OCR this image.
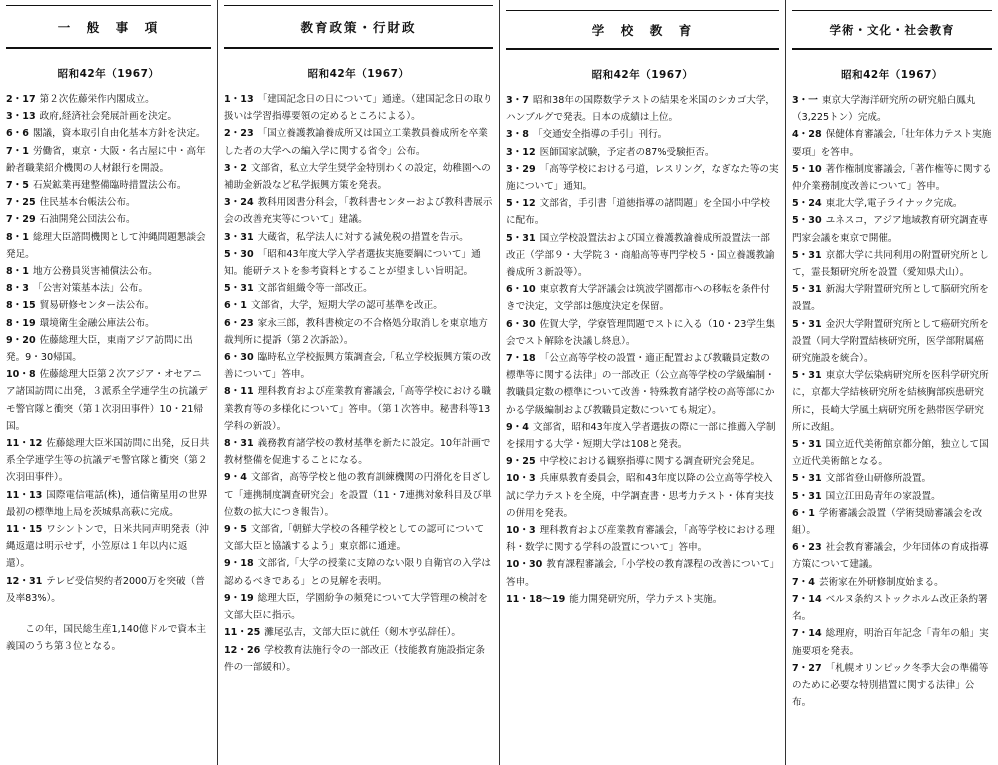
一　般　事　項
昭和42年（1967）
2・17 第２次佐藤栄作内閣成立。
3・13 政府,経済社会発展計画を決定。
6・6 閣議，資本取引自由化基本方針を決定。
7・1 労働省，東京・大阪・名古屋に中・高年齢者職業紹介機関の人材銀行を開設。
7・5 石炭鉱業再建整備臨時措置法公布。
7・25 住民基本台帳法公布。
7・29 石油開発公団法公布。
8・1 総理大臣諮問機関として沖縄問題懇談会発足。
8・1 地方公務員災害補償法公布。
8・3 「公害対策基本法」公布。
8・15 貿易研修センター法公布。
8・19 環境衛生金融公庫法公布。
9・20 佐藤総理大臣，東南アジア訪問に出発。9・30帰国。
10・8 佐藤総理大臣第２次アジア・オセアニア諸国訪問に出発，３派系全学連学生の抗議デモ警官隊と衝突（第１次羽田事件）10・21帰国。
11・12 佐藤総理大臣米国訪問に出発，反日共系全学連学生等の抗議デモ警官隊と衝突（第２次羽田事件）。
11・13 国際電信電話(株)，通信衛星用の世界最初の標準地上局を茨城県高萩に完成。
11・15 ワシントンで，日米共同声明発表（沖縄返還は明示せず，小笠原は１年以内に返還）。
12・31 テレビ受信契約者2000万を突破（普及率83%）。
この年，国民総生産1,140億ドルで資本主義国のうち第３位となる。
教育政策・行財政
昭和42年（1967）
1・13 「建国記念日の日について」通達。（建国記念日の取り扱いは学習指導要領の定めるところによる）。
2・23 「国立養護教諭養成所又は国立工業教員養成所を卒業した者の大学への編入学に関する省令」公布。
3・2 文部省，私立大学生奨学金特別わくの設定，幼稚園への補助金新設など私学振興方策を発表。
3・24 教科用図書分科会，「教科書センターおよび教科書展示会の改善充実等について」建議。
3・31 大蔵省，私学法人に対する減免税の措置を告示。
5・30 「昭和43年度大学入学者選抜実施要綱について」通知。能研テストを参考資料とすることが望ましい旨明記。
5・31 文部省組織令等一部改正。
6・1 文部省，大学，短期大学の認可基準を改正。
6・23 家永三郎，教科書検定の不合格処分取消しを東京地方裁判所に提訴（第２次訴訟）。
6・30 臨時私立学校振興方策調査会,「私立学校振興方策の改善について」答申。
8・11 理科教育および産業教育審議会,「高等学校における職業教育等の多様化について」答申。（第１次答申。秘書科等13学科の新設）。
8・31 義務教育諸学校の教材基準を新たに設定。10年計画で教材整備を促進することになる。
9・4 文部省，高等学校と他の教育訓練機関の円滑化を目ざして「連携制度調査研究会」を設置（11・7連携対象科目及び単位数の拡大につき報告）。
9・5 文部省,「朝鮮大学校の各種学校としての認可について文部大臣と協議するよう」東京都に通達。
9・18 文部省,「大学の授業に支障のない限り自衛官の入学は認めるべきである」との見解を表明。
9・19 総理大臣，学園紛争の頻発について大学管理の検討を文部大臣に指示。
11・25 灘尾弘吉，文部大臣に就任（剱木亨弘辞任）。
12・26 学校教育法施行令の一部改正（技能教育施設指定条件の一部緩和）。
学　校　教　育
昭和42年（1967）
3・7 昭和38年の国際数学テストの結果を米国のシカゴ大学，ハンブルグで発表。日本の成績は上位。
3・8 「交通安全指導の手引」刊行。
3・12 医師国家試験，予定者の87%受験拒否。
3・29 「高等学校における弓道，レスリング，なぎなた等の実施について」通知。
5・12 文部省，手引書「道徳指導の諸問題」を全国小中学校に配布。
5・31 国立学校設置法および国立養護教諭養成所設置法一部改正（学部９・大学院３・商船高等専門学校５・国立養護教諭養成所３新設等）。
6・10 東京教育大学評議会は筑波学園都市への移転を条件付きで決定，文学部は態度決定を保留。
6・30 佐賀大学，学寮管理問題でストに入る（10・23学生集会でスト解除を決議し終息）。
7・18 「公立高等学校の設置・適正配置および教職員定数の標準等に関する法律」の一部改正（公立高等学校の学級編制・教職員定数の標準について改善・特殊教育諸学校の高等部にかかる学級編制および教職員定数についても規定）。
9・4 文部省，昭和43年度入学者選抜の際に一部に推薦入学制を採用する大学・短期大学は108と発表。
9・25 中学校における観察指導に関する調査研究会発足。
10・3 兵庫県教育委員会，昭和43年度以降の公立高等学校入試に学力テストを全廃，中学調査書・思考力テスト・体育実技の併用を発表。
10・3 理科教育および産業教育審議会，「高等学校における理科・数学に関する学科の設置について」答申。
10・30 教育課程審議会,「小学校の教育課程の改善について」答申。
11・18〜19 能力開発研究所，学力テスト実施。
学術・文化・社会教育
昭和42年（1967）
3・一 東京大学海洋研究所の研究船白鳳丸（3,225トン）完成。
4・28 保健体育審議会,「壮年体力テスト実施要項」を答申。
5・10 著作権制度審議会,「著作権等に関する仲介業務制度改善について」答申。
5・24 東北大学,電子ライナック完成。
5・30 ユネスコ，アジア地域教育研究調査専門家会議を東京で開催。
5・31 京都大学に共同利用の附置研究所として，霊長類研究所を設置（愛知県犬山）。
5・31 新潟大学附置研究所として脳研究所を設置。
5・31 金沢大学附置研究所として癌研究所を設置（同大学附置結核研究所，医学部附属癌研究施設を統合）。
5・31 東京大学伝染病研究所を医科学研究所に，京都大学結核研究所を結核胸部疾患研究所に，長崎大学風土病研究所を熱帯医学研究所に改組。
5・31 国立近代美術館京都分館，独立して国立近代美術館となる。
5・31 文部省登山研修所設置。
5・31 国立江田島青年の家設置。
6・1 学術審議会設置（学術奨励審議会を改組）。
6・23 社会教育審議会，少年団体の育成指導方策について建議。
7・4 芸術家在外研修制度始まる。
7・14 ベルヌ条約ストックホルム改正条約署名。
7・14 総理府，明治百年記念「青年の船」実施要項を発表。
7・27 「札幌オリンピック冬季大会の準備等のために必要な特別措置に関する法律」公布。
